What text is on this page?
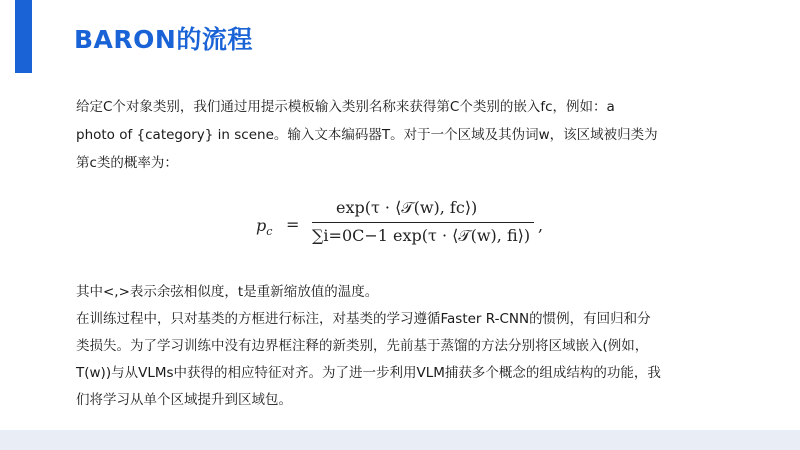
BARON的流程
给定C个对象类别，我们通过用提示模板输入类别名称来获得第C个类别的嵌入fc，例如：a
photo of {category} in scene。输入文本编码器T。对于一个区域及其伪词w，该区域被归类为
第c类的概率为：
$p_c$ =
exp(τ · ⟨𝒯(w), fc⟩)
∑i=0C−1 exp(τ · ⟨𝒯(w), fi⟩)
,
其中<,>表示余弦相似度，t是重新缩放值的温度。
在训练过程中，只对基类的方框进行标注，对基类的学习遵循Faster R-CNN的惯例，有回归和分
类损失。为了学习训练中没有边界框注释的新类别，先前基于蒸馏的方法分别将区域嵌入(例如，
T(w))与从VLMs中获得的相应特征对齐。为了进一步利用VLM捕获多个概念的组成结构的功能，我
们将学习从单个区域提升到区域包。
